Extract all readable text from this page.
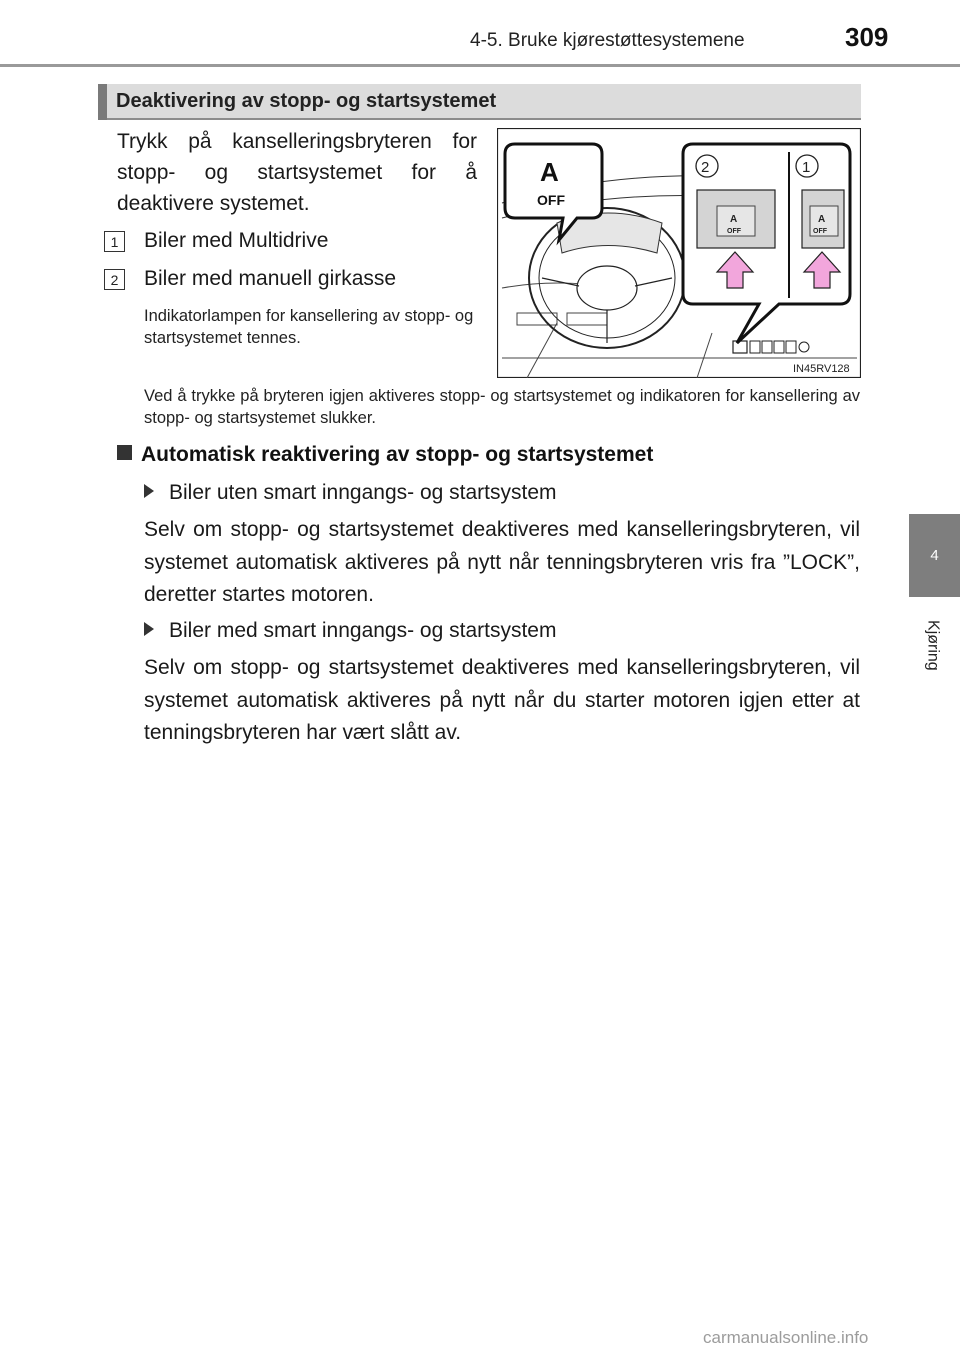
4-5. Bruke kjørestøttesystemene	309
4
Kjøring
Deaktivering av stopp- og startsystemet
Trykk på kanselleringsbryteren for stopp- og startsystemet for å deaktivere systemet.
1	Biler med Multidrive
2	Biler med manuell girkasse
Indikatorlampen for kansellering av stopp- og startsystemet tennes.
A
OFF
2	1
A
OFF
A
OFF
IN45RV128
Ved å trykke på bryteren igjen aktiveres stopp- og startsystemet og indikatoren for kansellering av stopp- og startsystemet slukker.
Automatisk reaktivering av stopp- og startsystemet
Biler uten smart inngangs- og startsystem
Selv om stopp- og startsystemet deaktiveres med kanselleringsbryteren, vil systemet automatisk aktiveres på nytt når tenningsbryteren vris fra ”LOCK”, deretter startes motoren.
Biler med smart inngangs- og startsystem
Selv om stopp- og startsystemet deaktiveres med kanselleringsbryteren, vil systemet automatisk aktiveres på nytt når du starter motoren igjen etter at tenningsbryteren har vært slått av.
carmanualsonline.info
